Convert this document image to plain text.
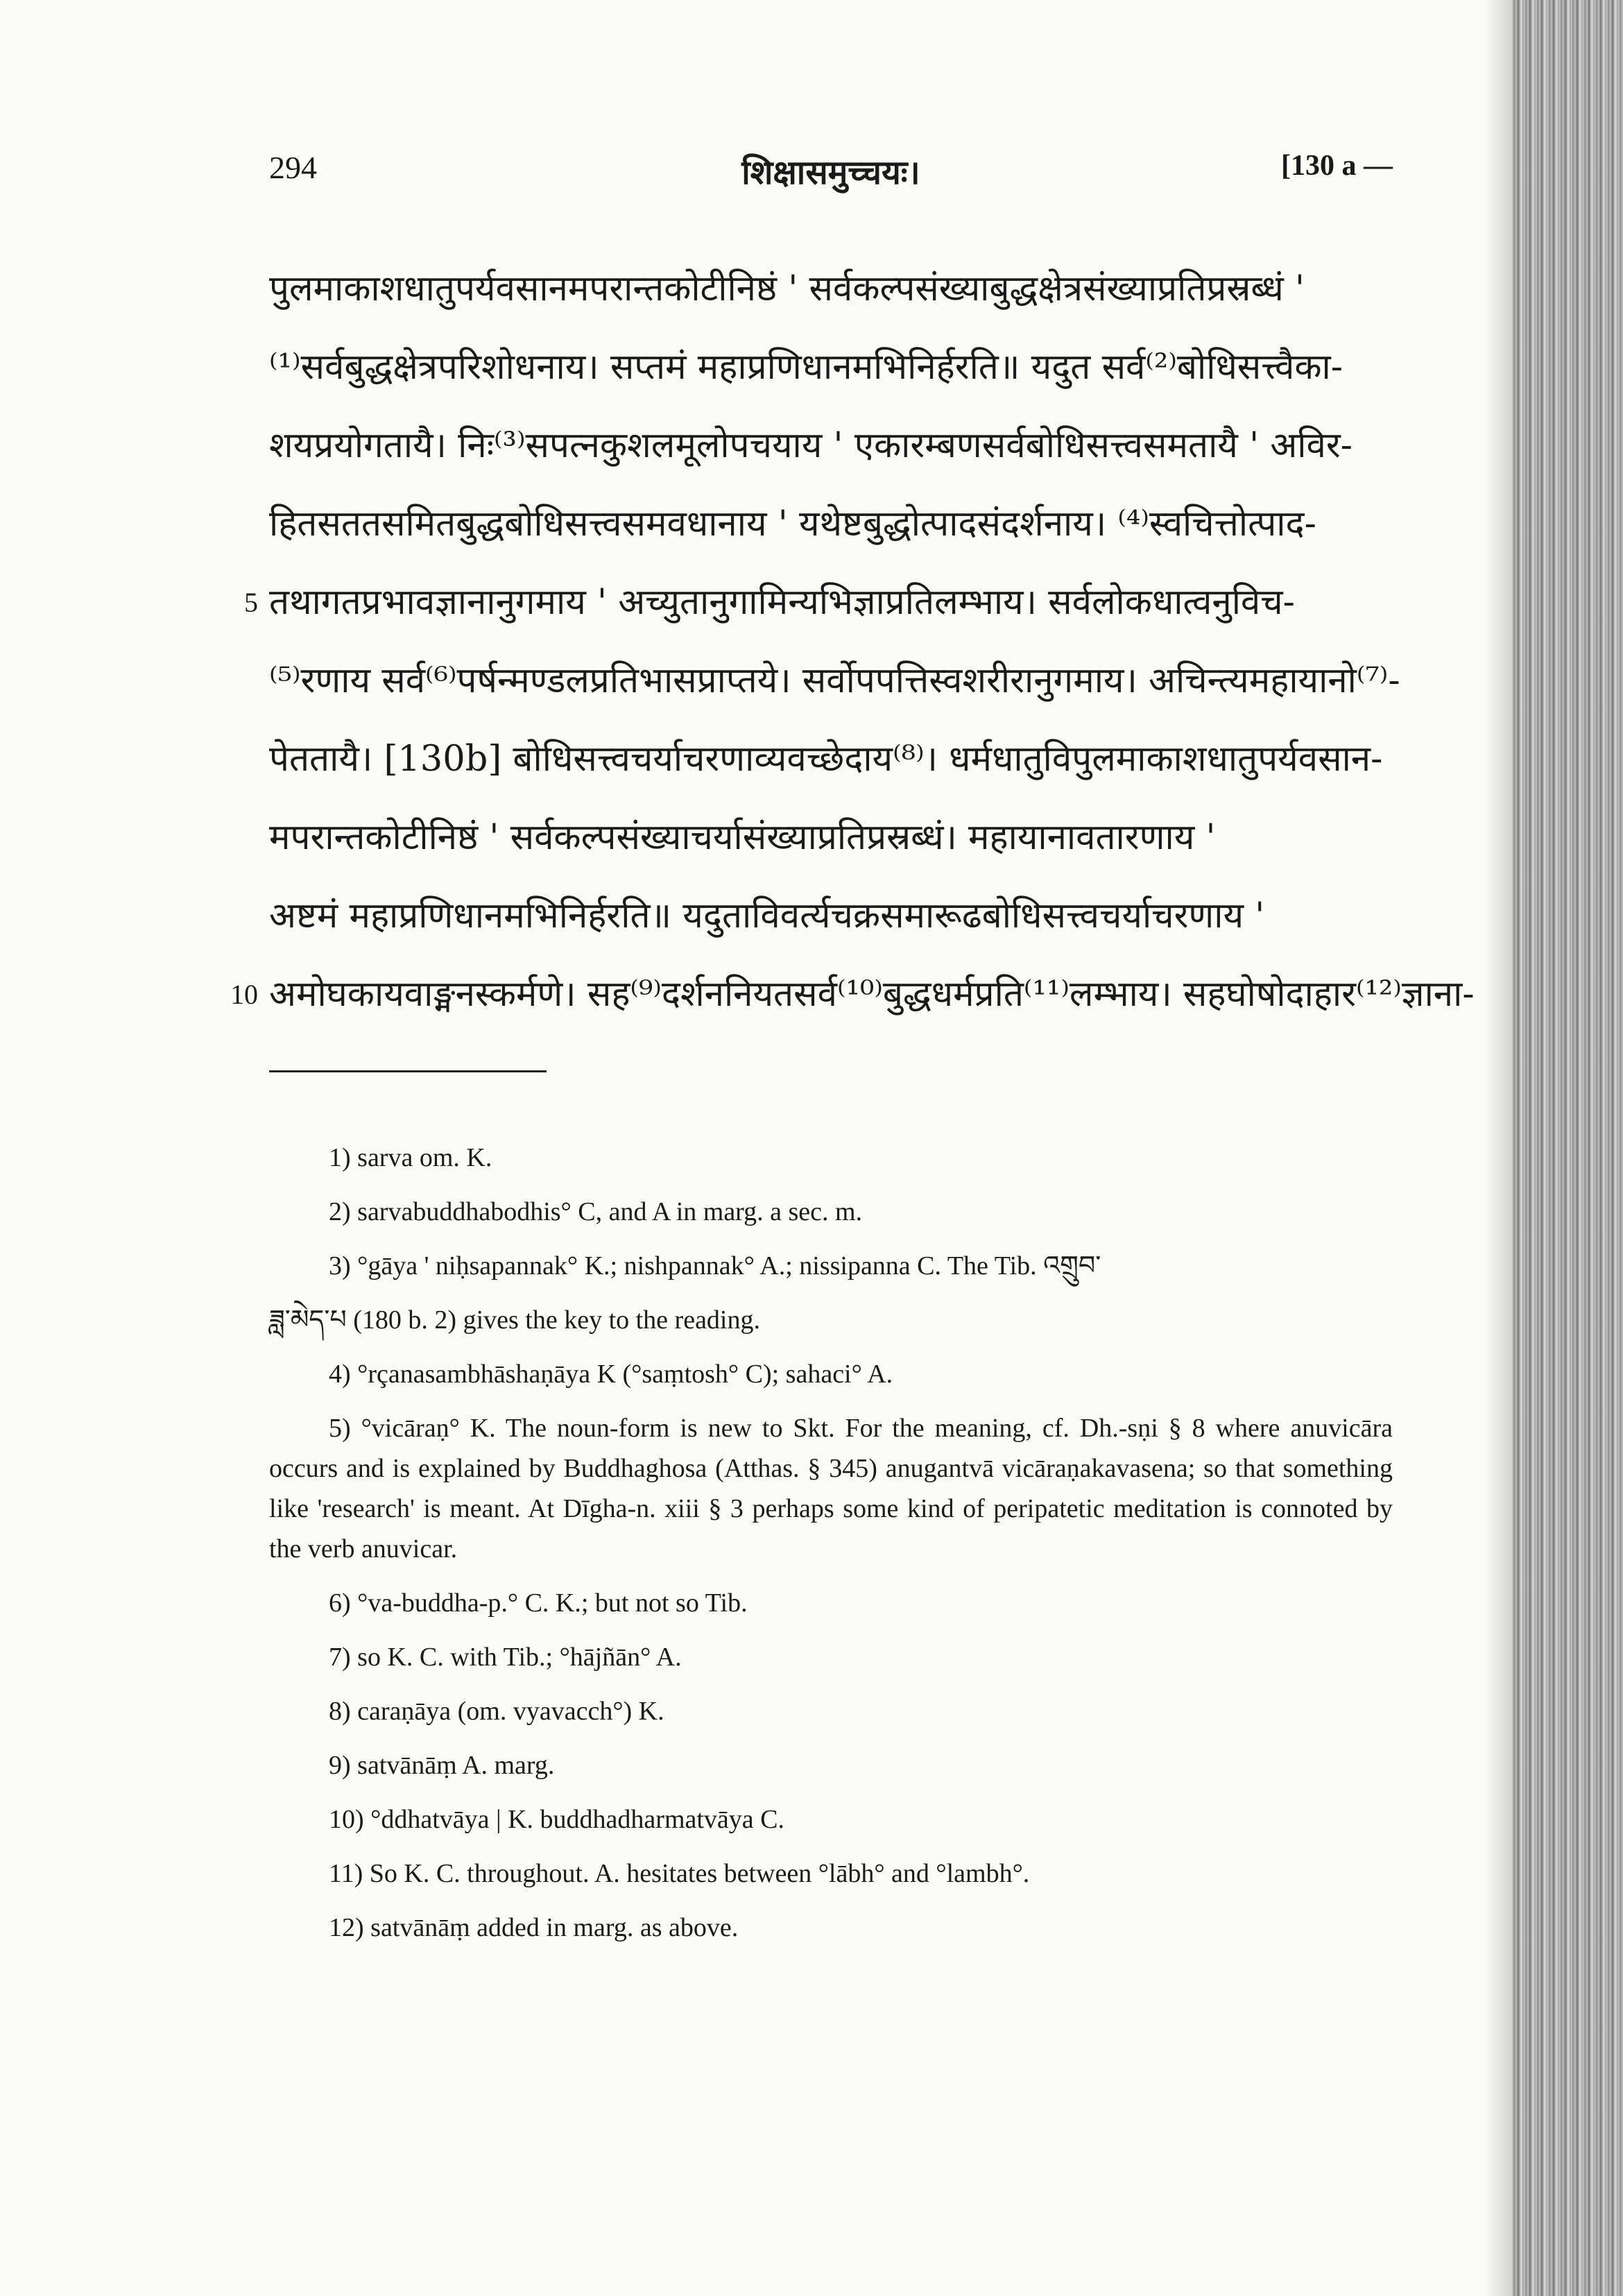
294	शिक्षासमुच्चयः।	[130 a —
पुलमाकाशधातुपर्यवसानमपरान्तकोटीनिष्ठं ' सर्वकल्पसंख्याबुद्धक्षेत्रसंख्याप्रतिप्रस्रब्धं '
⁽¹⁾सर्वबुद्धक्षेत्रपरिशोधनाय। सप्तमं महाप्रणिधानमभिनिर्हरति॥ यदुत सर्व⁽²⁾बोधिसत्त्वैका-
शयप्रयोगतायै। निः⁽³⁾सपत्नकुशलमूलोपचयाय ' एकारम्बणसर्वबोधिसत्त्वसमतायै ' अविर-
हितसततसमितबुद्धबोधिसत्त्वसमवधानाय ' यथेष्टबुद्धोत्पादसंदर्शनाय। ⁽⁴⁾स्वचित्तोत्पाद-
5 तथागतप्रभावज्ञानानुगमाय ' अच्युतानुगामिन्यभिज्ञाप्रतिलम्भाय। सर्वलोकधात्वनुविच-
⁽⁵⁾रणाय सर्व⁽⁶⁾पर्षन्मण्डलप्रतिभासप्राप्तये। सर्वोपपत्तिस्वशरीरानुगमाय। अचिन्त्यमहायानो⁽⁷⁾-
पेततायै। [130b] बोधिसत्त्वचर्याचरणाव्यवच्छेदाय⁽⁸⁾। धर्मधातुविपुलमाकाशधातुपर्यवसान-
मपरान्तकोटीनिष्ठं ' सर्वकल्पसंख्याचर्यासंख्याप्रतिप्रस्रब्धं। महायानावतारणाय '
अष्टमं महाप्रणिधानमभिनिर्हरति॥ यदुताविवर्त्यचक्रसमारूढबोधिसत्त्वचर्याचरणाय '
10 अमोघकायवाङ्मनस्कर्मणे। सह⁽⁹⁾दर्शननियतसर्व⁽¹⁰⁾बुद्धधर्मप्रति⁽¹¹⁾लम्भाय। सहघोषोदाहार⁽¹²⁾ज्ञाना-

1) sarva om. K.

2) sarvabuddhabodhis° C, and A in marg. a sec. m.

3) °gāya ' niḥsapannak° K.; nishpannak° A.; nissipanna C. The Tib. འགྲུབ་

ཟླ་མེད་པ (180 b. 2) gives the key to the reading.

4) °rçanasambhāshaṇāya K (°saṃtosh° C); sahaci° A.

5) °vicāraṇ° K. The noun-form is new to Skt. For the meaning, cf. Dh.-sṇi § 8 where anuvicāra occurs and is explained by Buddhaghosa (Atthas. § 345) anugantvā vicāraṇakavasena; so that something like 'research' is meant. At Dīgha-n. xiii § 3 perhaps some kind of peripatetic meditation is connoted by the verb anuvicar.

6) °va-buddha-p.° C. K.; but not so Tib.

7) so K. C. with Tib.; °hājñān° A.

8) caraṇāya (om. vyavacch°) K.

9) satvānāṃ A. marg.

10) °ddhatvāya | K. buddhadharmatvāya C.

11) So K. C. throughout. A. hesitates between °lābh° and °lambh°.

12) satvānāṃ added in marg. as above.
